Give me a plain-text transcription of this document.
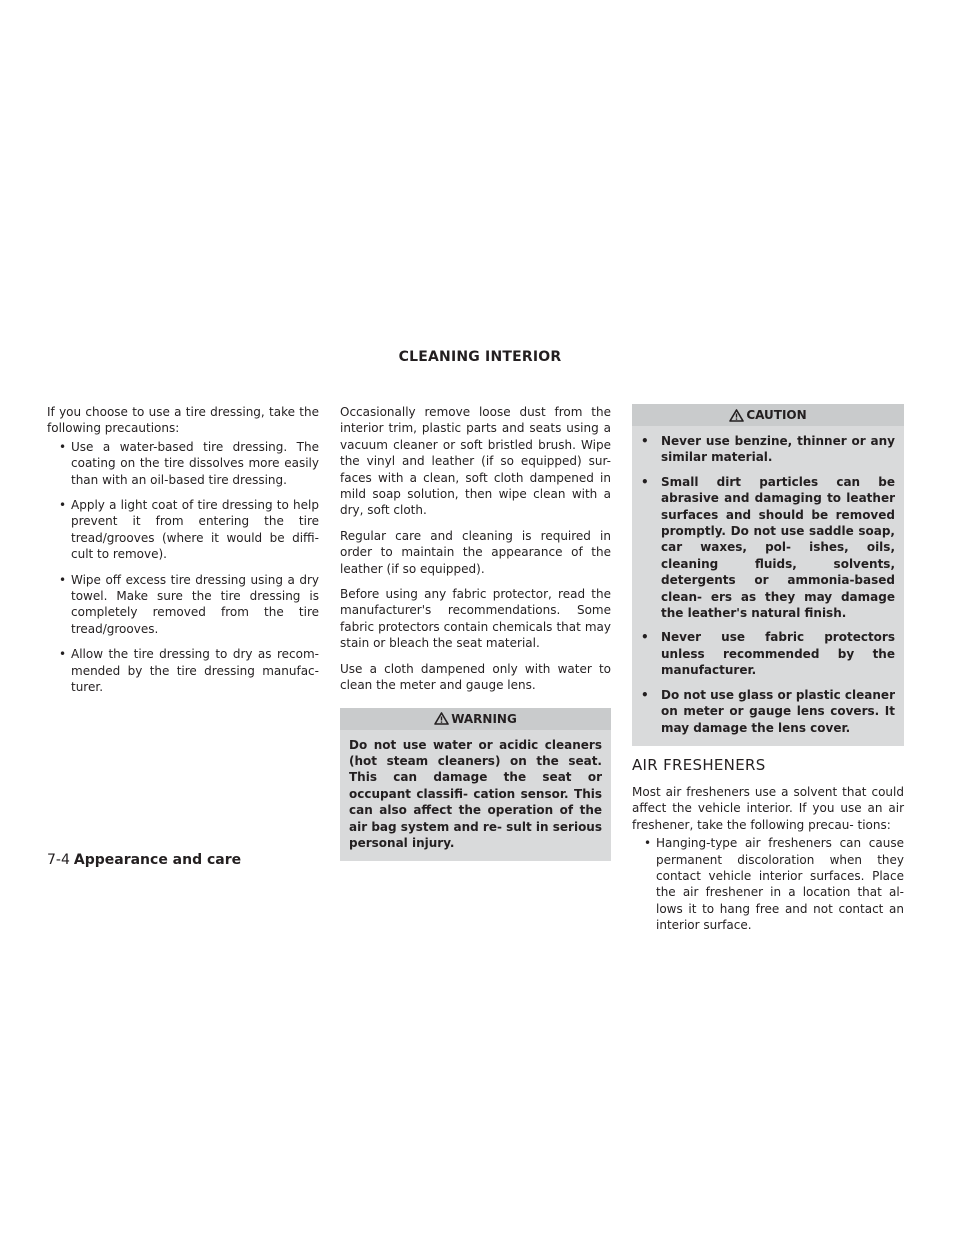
CLEANING INTERIOR

If you choose to use a tire dressing, take the following precautions:

• Use a water-based tire dressing. The coating on the tire dissolves more easily than with an oil-based tire dressing.
• Apply a light coat of tire dressing to help prevent it from entering the tire tread/grooves (where it would be diffi- cult to remove).
• Wipe off excess tire dressing using a dry towel. Make sure the tire dressing is completely removed from the tire tread/grooves.
• Allow the tire dressing to dry as recom- mended by the tire dressing manufac- turer.

Occasionally remove loose dust from the interior trim, plastic parts and seats using a vacuum cleaner or soft bristled brush. Wipe the vinyl and leather (if so equipped) sur- faces with a clean, soft cloth dampened in mild soap solution, then wipe clean with a dry, soft cloth.

Regular care and cleaning is required in order to maintain the appearance of the leather (if so equipped).

Before using any fabric protector, read the manufacturer's recommendations. Some fabric protectors contain chemicals that may stain or bleach the seat material.

Use a cloth dampened only with water to clean the meter and gauge lens.

WARNING

Do not use water or acidic cleaners (hot steam cleaners) on the seat. This can damage the seat or occupant classifi- cation sensor. This can also affect the operation of the air bag system and re- sult in serious personal injury.

CAUTION
• Never use benzine, thinner or any similar material.
• Small dirt particles can be abrasive and damaging to leather surfaces and should be removed promptly. Do not use saddle soap, car waxes, pol- ishes, oils, cleaning fluids, solvents, detergents or ammonia-based clean- ers as they may damage the leather's natural finish.
• Never use fabric protectors unless recommended by the manufacturer.
• Do not use glass or plastic cleaner on meter or gauge lens covers. It may damage the lens cover.
AIR FRESHENERS

Most air fresheners use a solvent that could affect the vehicle interior. If you use an air freshener, take the following precau- tions:

• Hanging-type air fresheners can cause permanent discoloration when they contact vehicle interior surfaces. Place the air freshener in a location that al- lows it to hang free and not contact an interior surface.
7-4 Appearance and care
